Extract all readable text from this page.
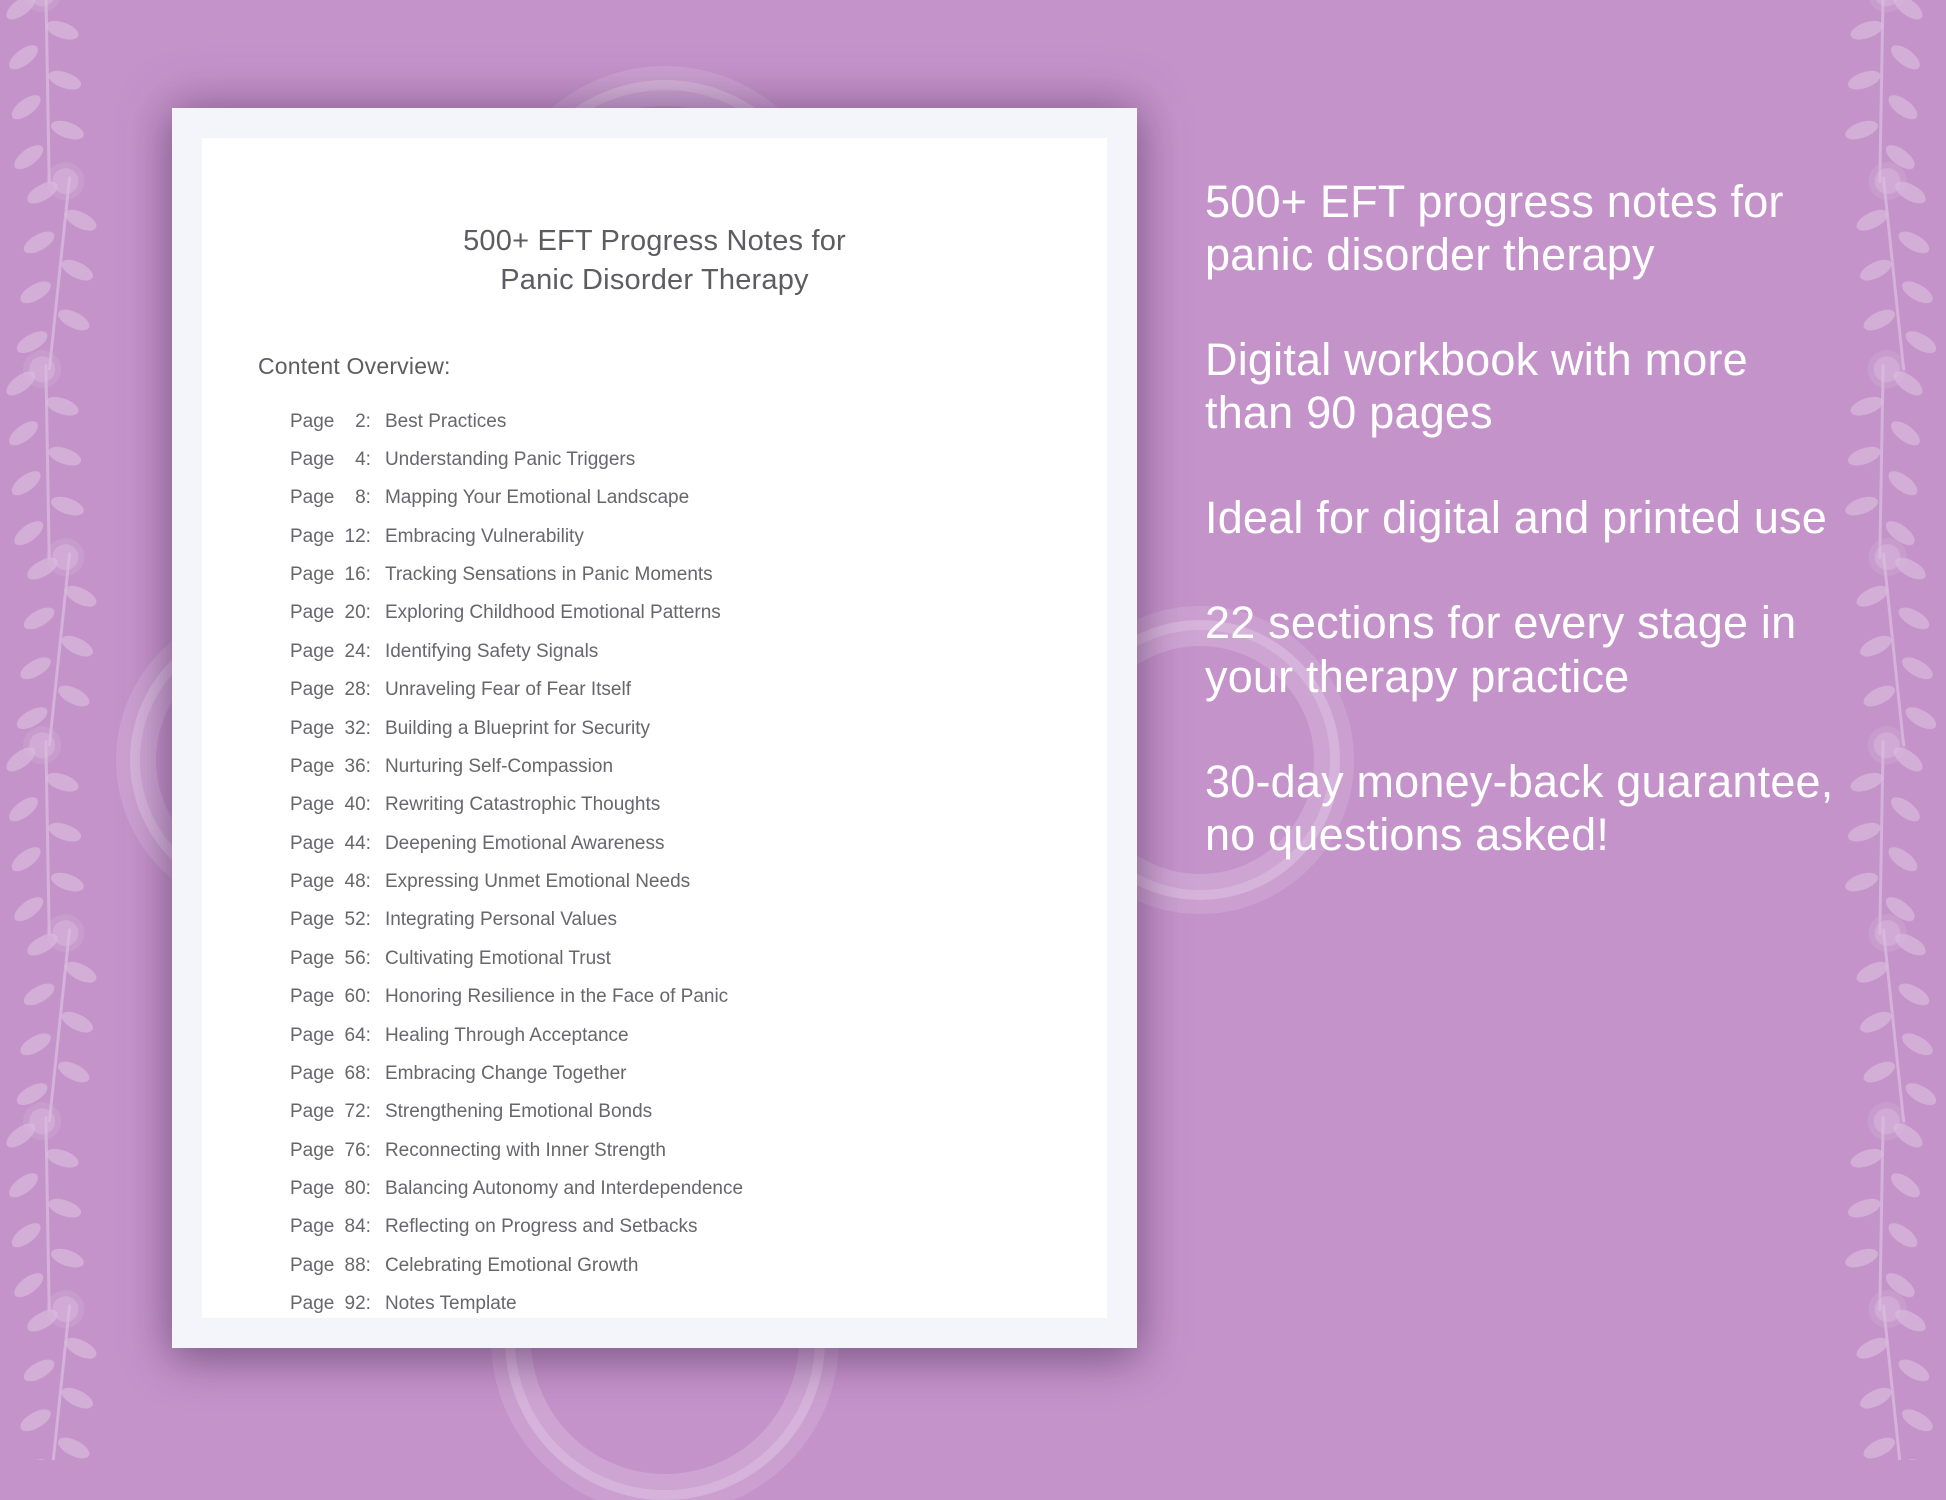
500+ EFT Progress Notes for
Panic Disorder Therapy
Content Overview:
Page 2: Best Practices
Page 4: Understanding Panic Triggers
Page 8: Mapping Your Emotional Landscape
Page 12: Embracing Vulnerability
Page 16: Tracking Sensations in Panic Moments
Page 20: Exploring Childhood Emotional Patterns
Page 24: Identifying Safety Signals
Page 28: Unraveling Fear of Fear Itself
Page 32: Building a Blueprint for Security
Page 36: Nurturing Self-Compassion
Page 40: Rewriting Catastrophic Thoughts
Page 44: Deepening Emotional Awareness
Page 48: Expressing Unmet Emotional Needs
Page 52: Integrating Personal Values
Page 56: Cultivating Emotional Trust
Page 60: Honoring Resilience in the Face of Panic
Page 64: Healing Through Acceptance
Page 68: Embracing Change Together
Page 72: Strengthening Emotional Bonds
Page 76: Reconnecting with Inner Strength
Page 80: Balancing Autonomy and Interdependence
Page 84: Reflecting on Progress and Setbacks
Page 88: Celebrating Emotional Growth
Page 92: Notes Template
500+ EFT progress notes for panic disorder therapy
Digital workbook with more than 90 pages
Ideal for digital and printed use
22 sections for every stage in your therapy practice
30-day money-back guarantee, no questions asked!
